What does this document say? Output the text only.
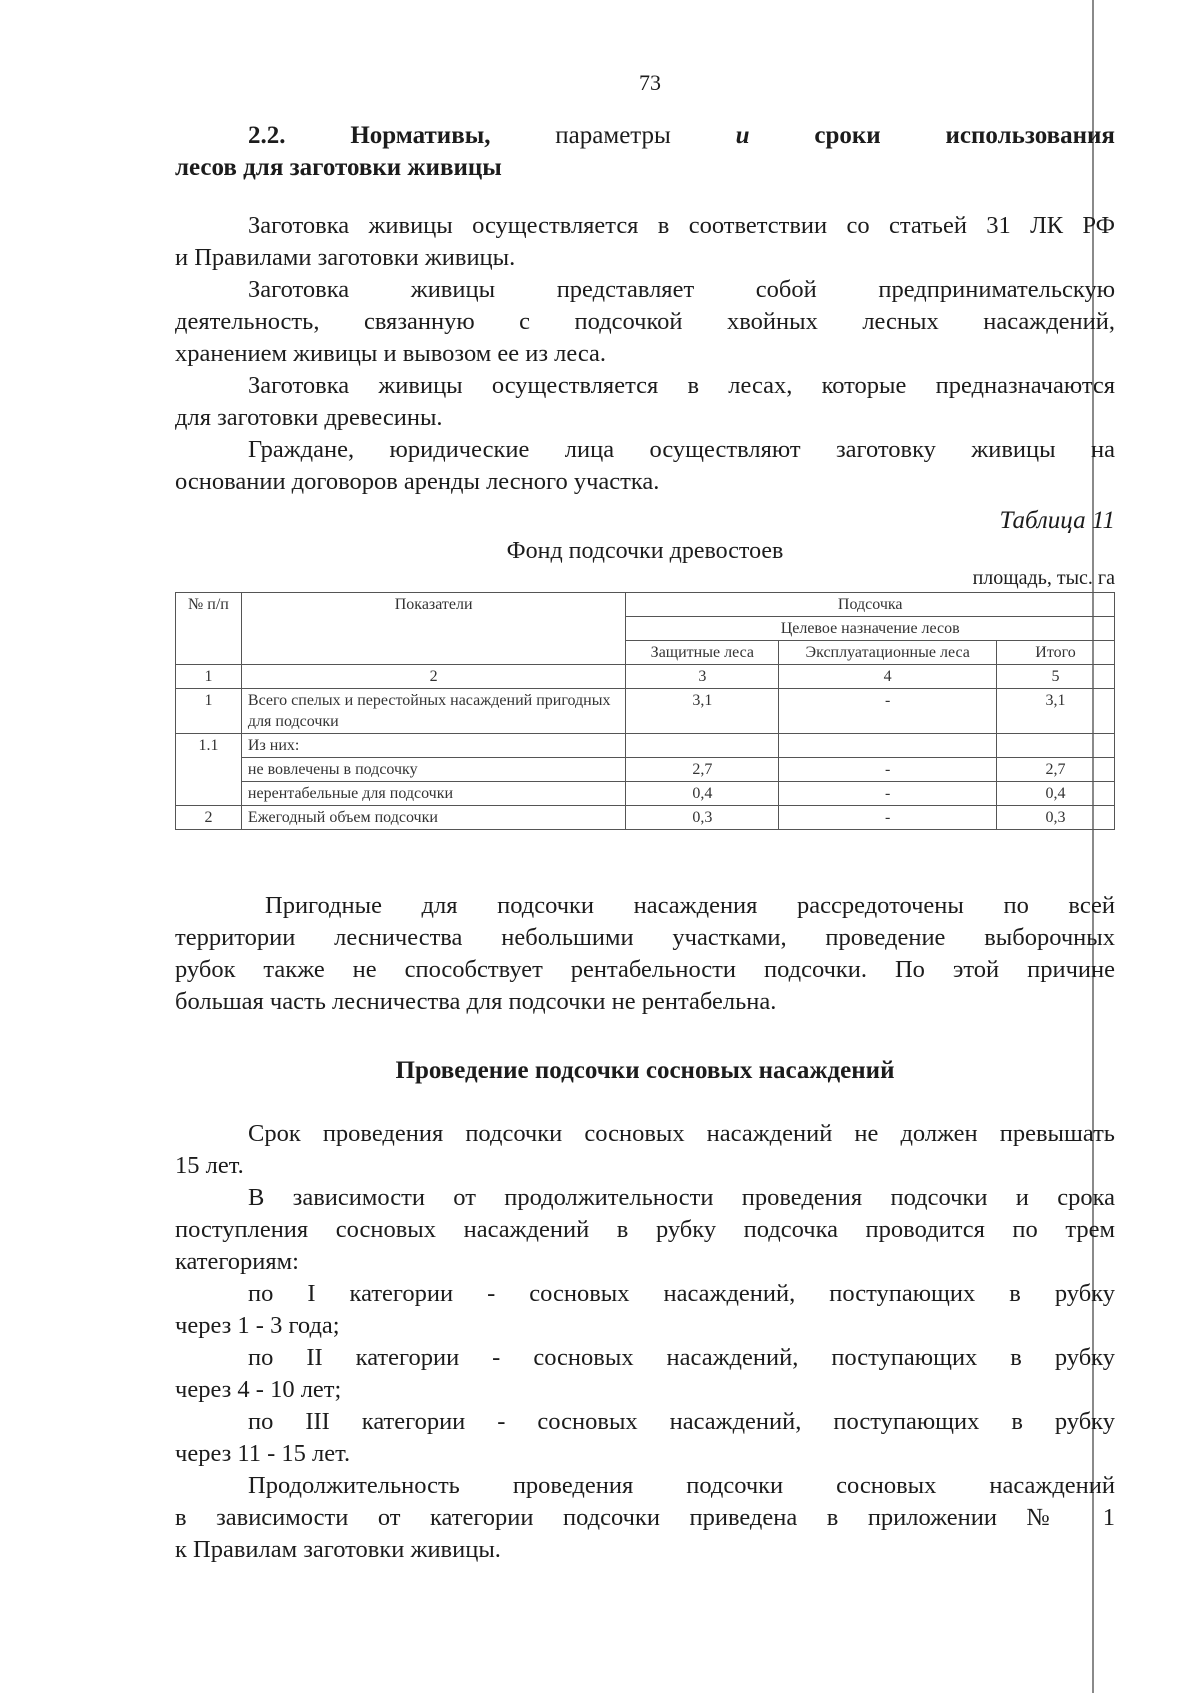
73
2.2.	Нормативы,	параметры	и	сроки	использования
лесов для заготовки живицы
Заготовка живицы осуществляется в соответствии со статьей 31 ЛК РФ
и Правилами заготовки живицы.
Заготовка живицы представляет собой предпринимательскую
деятельность, связанную с подсочкой хвойных лесных насаждений,
хранением живицы и вывозом ее из леса.
Заготовка живицы осуществляется в лесах, которые предназначаются
для заготовки древесины.
Граждане, юридические лица осуществляют заготовку живицы на
основании договоров аренды лесного участка.
Таблица 11
Фонд подсочки древостоев
площадь, тыс. га
№ п/п	Показатели	Подсочка		
		Целевое назначение лесов		
		Защитные леса	Эксплуатационные леса	Итого
1	2	3	4	5
1	Всего спелых и перестойных насаждений пригодных для подсочки	3,1	-	3,1
1.1	Из них:			
	не вовлечены в подсочку	2,7	-	2,7
	нерентабельные для подсочки	0,4	-	0,4
2	Ежегодный объем подсочки	0,3	-	0,3
Пригодные для подсочки насаждения рассредоточены по всей
территории лесничества небольшими участками, проведение выборочных
рубок также не способствует рентабельности подсочки. По этой причине
большая часть лесничества для подсочки не рентабельна.
Проведение подсочки сосновых насаждений
Срок проведения подсочки сосновых насаждений не должен превышать
15 лет.
В зависимости от продолжительности проведения подсочки и срока
поступления сосновых насаждений в рубку подсочка проводится по трем
категориям:
по I категории - сосновых насаждений, поступающих в рубку
через 1 - 3 года;
по II категории - сосновых насаждений, поступающих в рубку
через 4 - 10 лет;
по III категории - сосновых насаждений, поступающих в рубку
через 11 - 15 лет.
Продолжительность проведения подсочки сосновых насаждений
в зависимости от категории подсочки приведена в приложении № 1
к Правилам заготовки живицы.
